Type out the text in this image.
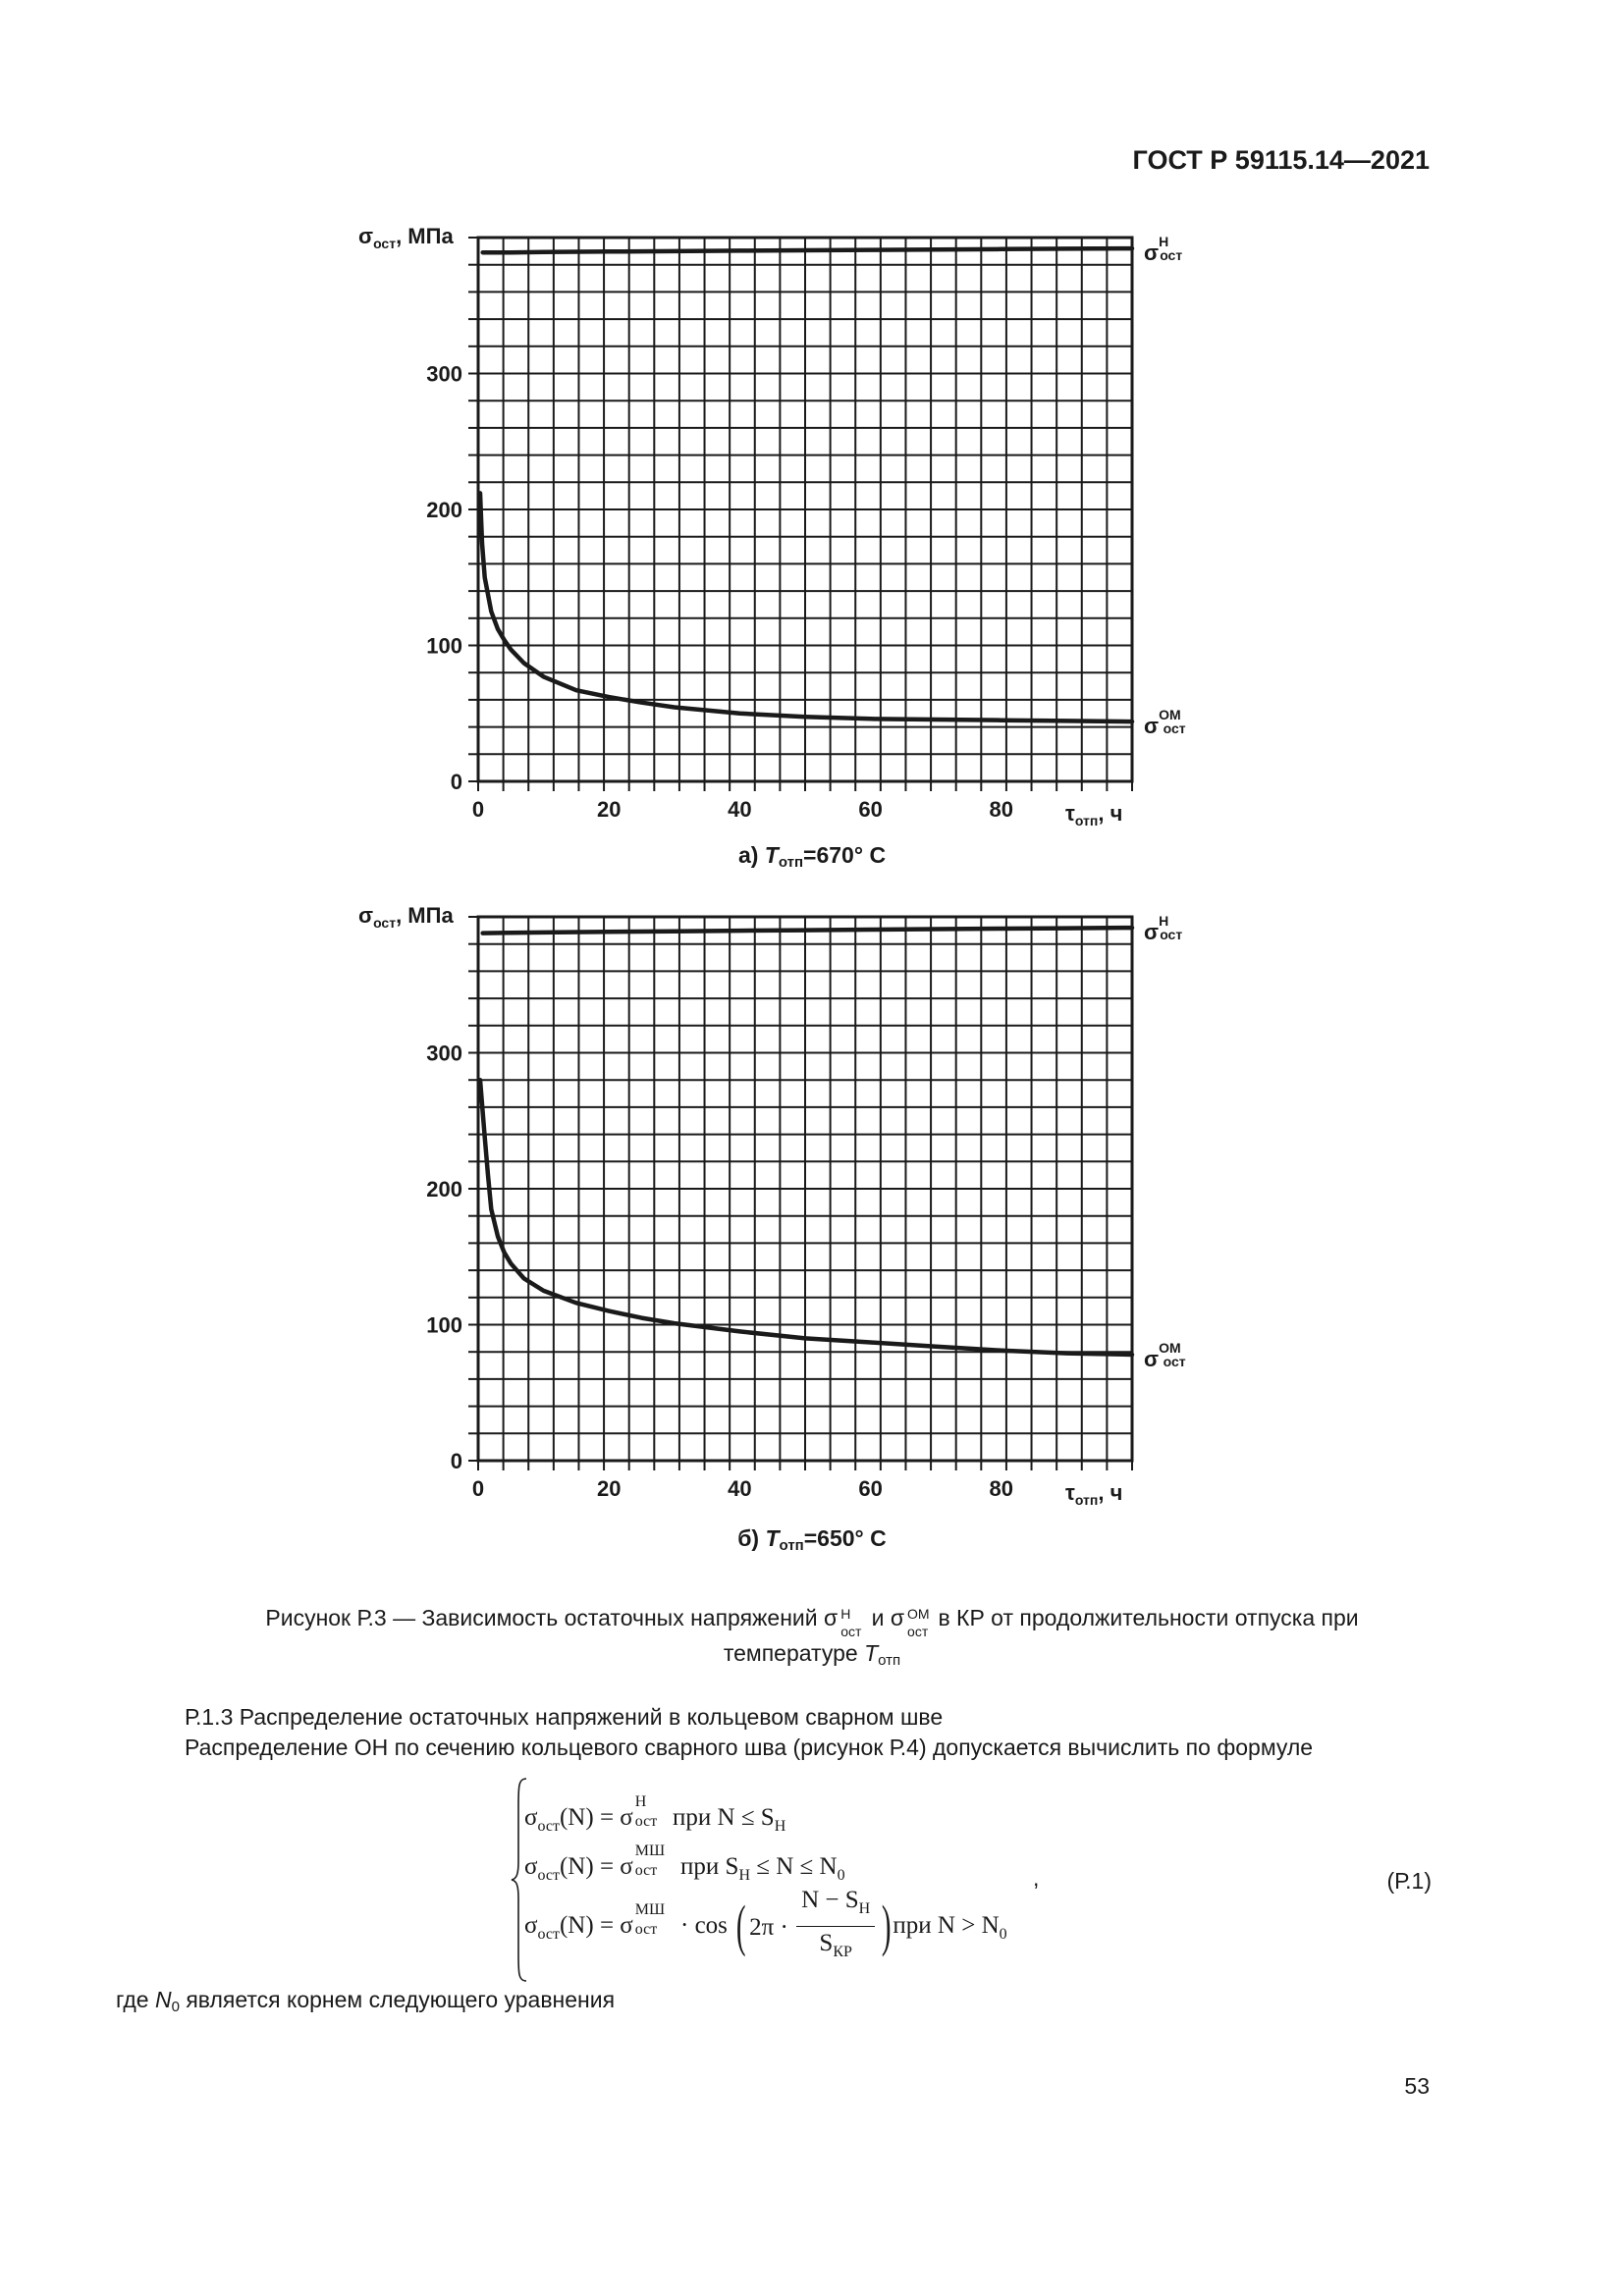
ГОСТ Р 59115.14—2021
0
100
200
300
0	20	40	60	80
$\sigma_{ост}$, МПа
$\tau_{отп}$, ч
$\sigma^Н$ ост
$\sigma^{ОМ}$ ост
а) $T_{отп}=670^\circ$ С
0
100
200
300
0	20	40	60	80
$\sigma_{ост}$, МПа
$\tau_{отп}$, ч
$\sigma^Н$ ост
$\sigma^{ОМ}$ ост
б) $T_{отп}=650^\circ$ С
Рисунок Р.3 — Зависимость остаточных напряжений σ Н
ост
и σ ОМ
ост
в КР от продолжительности отпуска при
температуре $T_{отп}$
Р.1.3 Распределение остаточных напряжений в кольцевом сварном шве
Распределение ОН по сечению кольцевого сварного шва (рисунок Р.4) допускается вычислить по формуле
$\sigma_{ост}(N) = \sigma$
Н
ост при $N \le S_Н$
$\sigma_{ост}(N) = \sigma$
МШ
ост при $S_Н \le N \le N_0$
$\sigma_{ост}(N) = \sigma$
МШ
ост · cos ( 2π ·
$N - S_Н$
$S_{КР}$ ) при $N > N_0$
,	(Р.1)
где $N_0$ является корнем следующего уравнения
53
